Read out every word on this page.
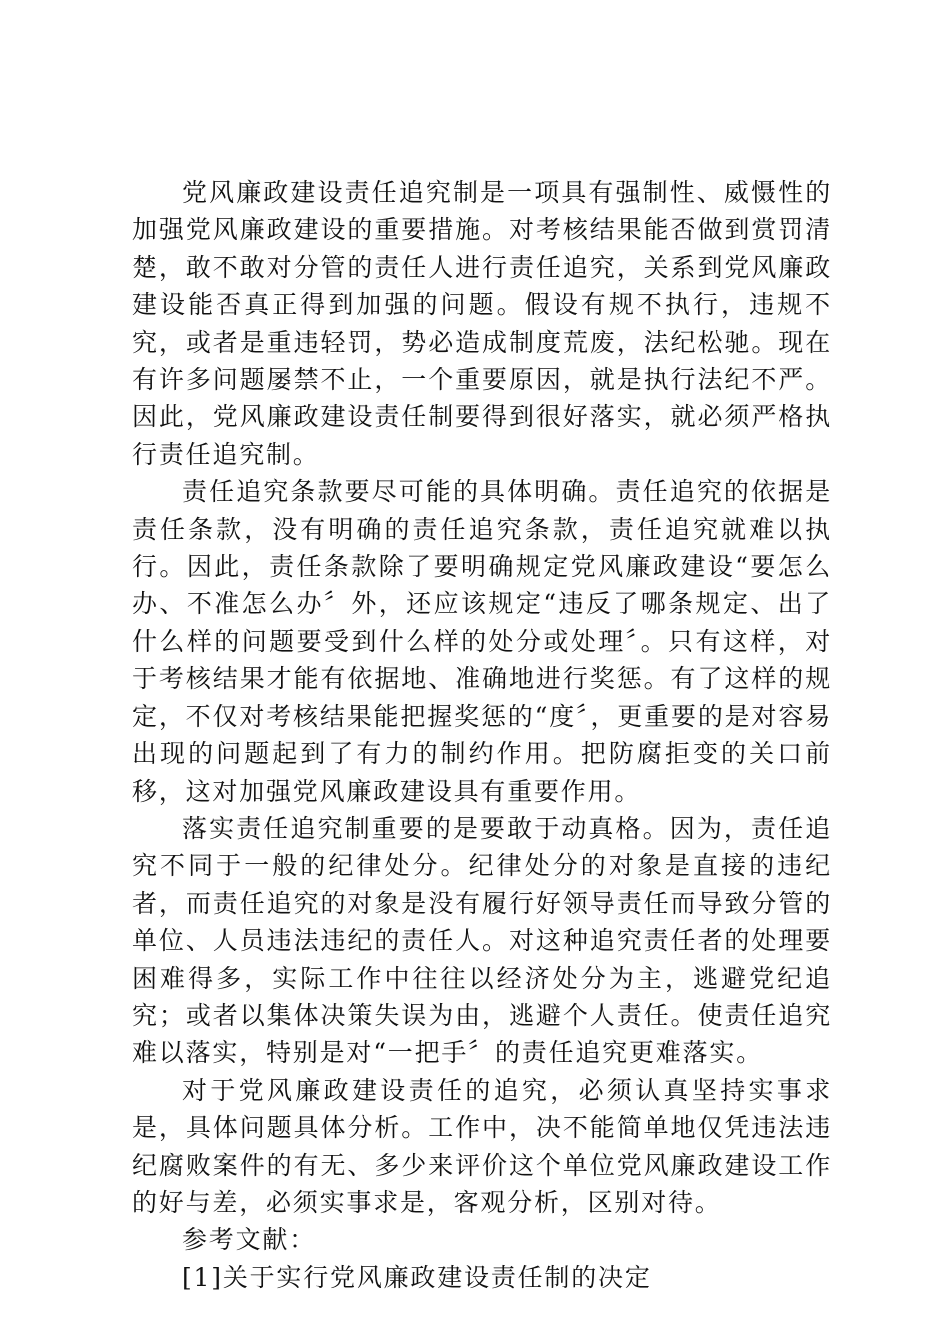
党风廉政建设责任追究制是一项具有强制性、威慑性的加强党风廉政建设的重要措施。对考核结果能否做到赏罚清楚，敢不敢对分管的责任人进行责任追究，关系到党风廉政建设能否真正得到加强的问题。假设有规不执行，违规不究，或者是重违轻罚，势必造成制度荒废，法纪松驰。现在有许多问题屡禁不止，一个重要原因，就是执行法纪不严。因此，党风廉政建设责任制要得到很好落实，就必须严格执行责任追究制。

责任追究条款要尽可能的具体明确。责任追究的依据是责任条款，没有明确的责任追究条款，责任追究就难以执行。因此，责任条款除了要明确规定党风廉政建设“要怎么办、不准怎么办〞外，还应该规定“违反了哪条规定、出了什么样的问题要受到什么样的处分或处理〞。只有这样，对于考核结果才能有依据地、准确地进行奖惩。有了这样的规定，不仅对考核结果能把握奖惩的“度〞，更重要的是对容易出现的问题起到了有力的制约作用。把防腐拒变的关口前移，这对加强党风廉政建设具有重要作用。

落实责任追究制重要的是要敢于动真格。因为，责任追究不同于一般的纪律处分。纪律处分的对象是直接的违纪者，而责任追究的对象是没有履行好领导责任而导致分管的单位、人员违法违纪的责任人。对这种追究责任者的处理要困难得多，实际工作中往往以经济处分为主，逃避党纪追究；或者以集体决策失误为由，逃避个人责任。使责任追究难以落实，特别是对“一把手〞的责任追究更难落实。

对于党风廉政建设责任的追究，必须认真坚持实事求是，具体问题具体分析。工作中，决不能简单地仅凭违法违纪腐败案件的有无、多少来评价这个单位党风廉政建设工作的好与差，必须实事求是，客观分析，区别对待。

参考文献：

[1]关于实行党风廉政建设责任制的决定
